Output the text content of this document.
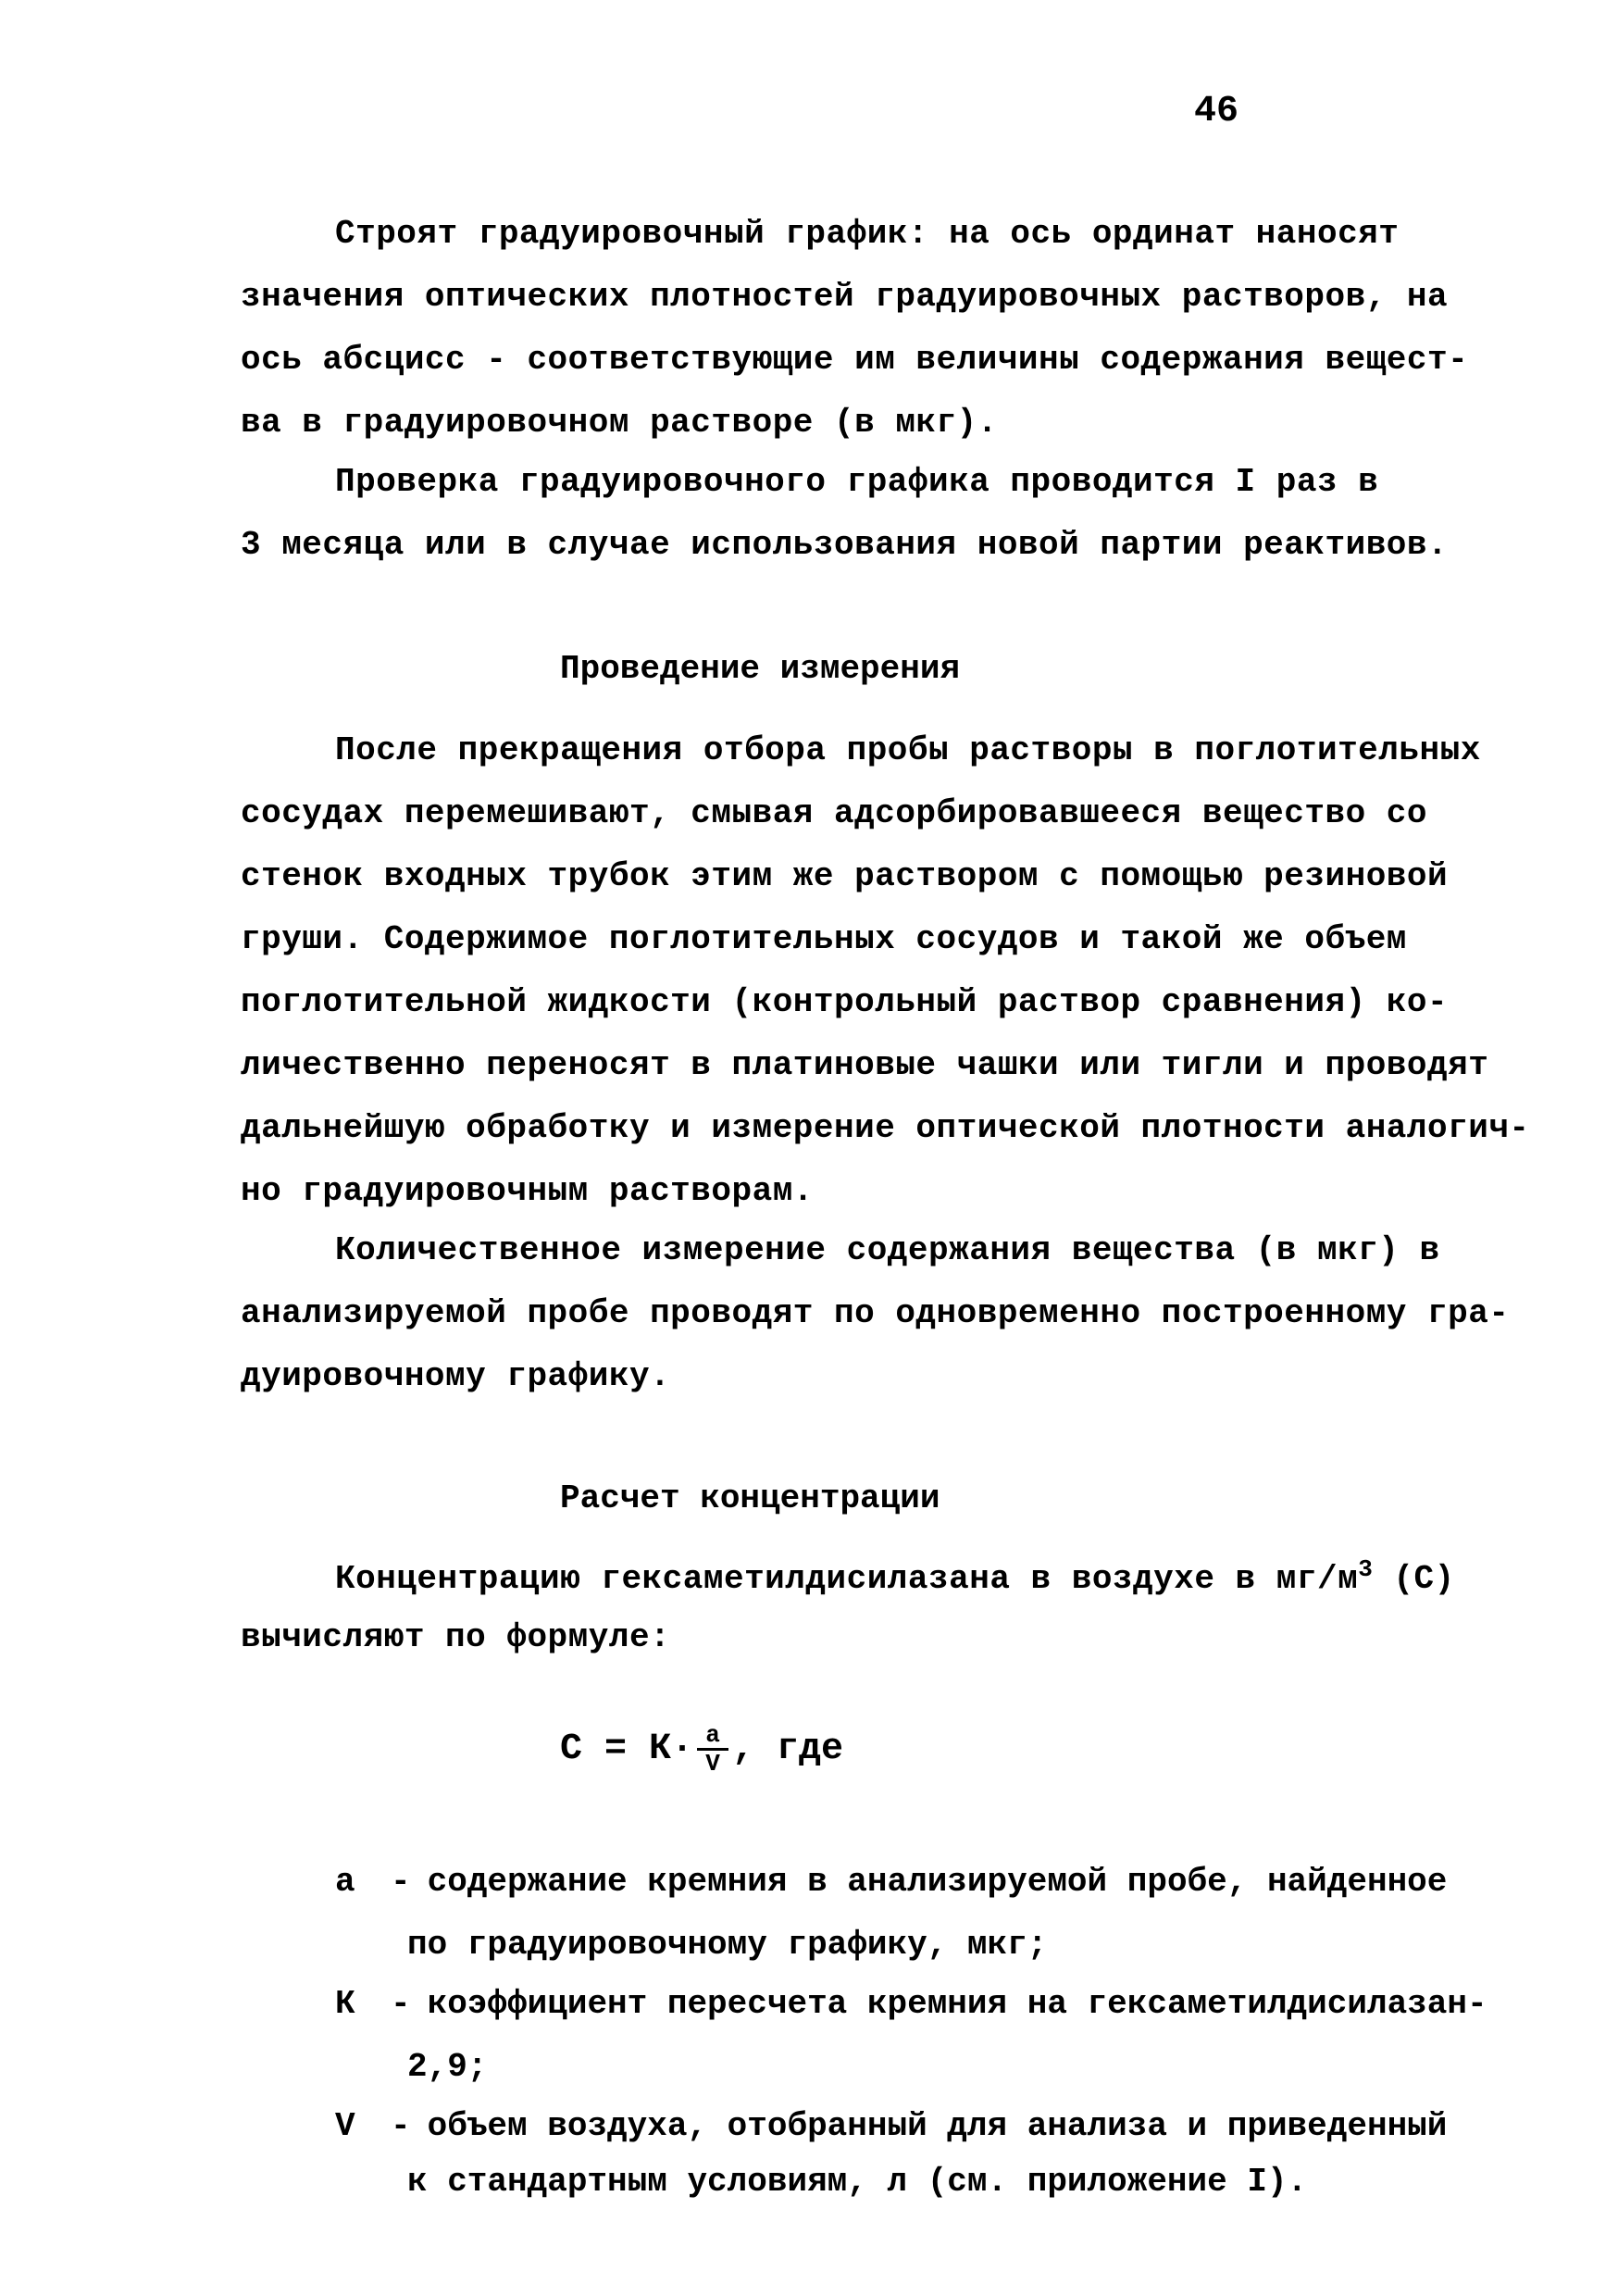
46
Строят градуировочный график: на ось ординат наносят
значения оптических плотностей градуировочных растворов, на
ось абсцисс - соответствующие им величины содержания вещест-
ва в градуировочном растворе (в мкг).
Проверка градуировочного графика проводится I раз в
3 месяца или в случае использования новой партии реактивов.
Проведение измерения
После прекращения отбора пробы растворы в поглотительных
сосудах перемешивают, смывая адсорбировавшееся вещество со
стенок входных трубок этим же раствором с помощью резиновой
груши. Содержимое поглотительных сосудов и такой же объем
поглотительной жидкости (контрольный раствор сравнения) ко-
личественно переносят в платиновые чашки или тигли и проводят
дальнейшую обработку и измерение оптической плотности аналогич-
но градуировочным растворам.
Количественное измерение содержания вещества (в мкг) в
анализируемой пробе проводят по одновременно построенному гра-
дуировочному графику.
Расчет концентрации
Концентрацию гексаметилдисилазана в воздухе в $мг/м^3$ (С)
вычисляют по формуле:
$С = К\cdot \frac{а}{V}$ , где
а - содержание кремния в анализируемой пробе, найденное
по градуировочному графику, мкг;
К - коэффициент пересчета кремния на гексаметилдисилазан-
2,9;
V - объем воздуха, отобранный для анализа и приведенный
к стандартным условиям, л (см. приложение I).
